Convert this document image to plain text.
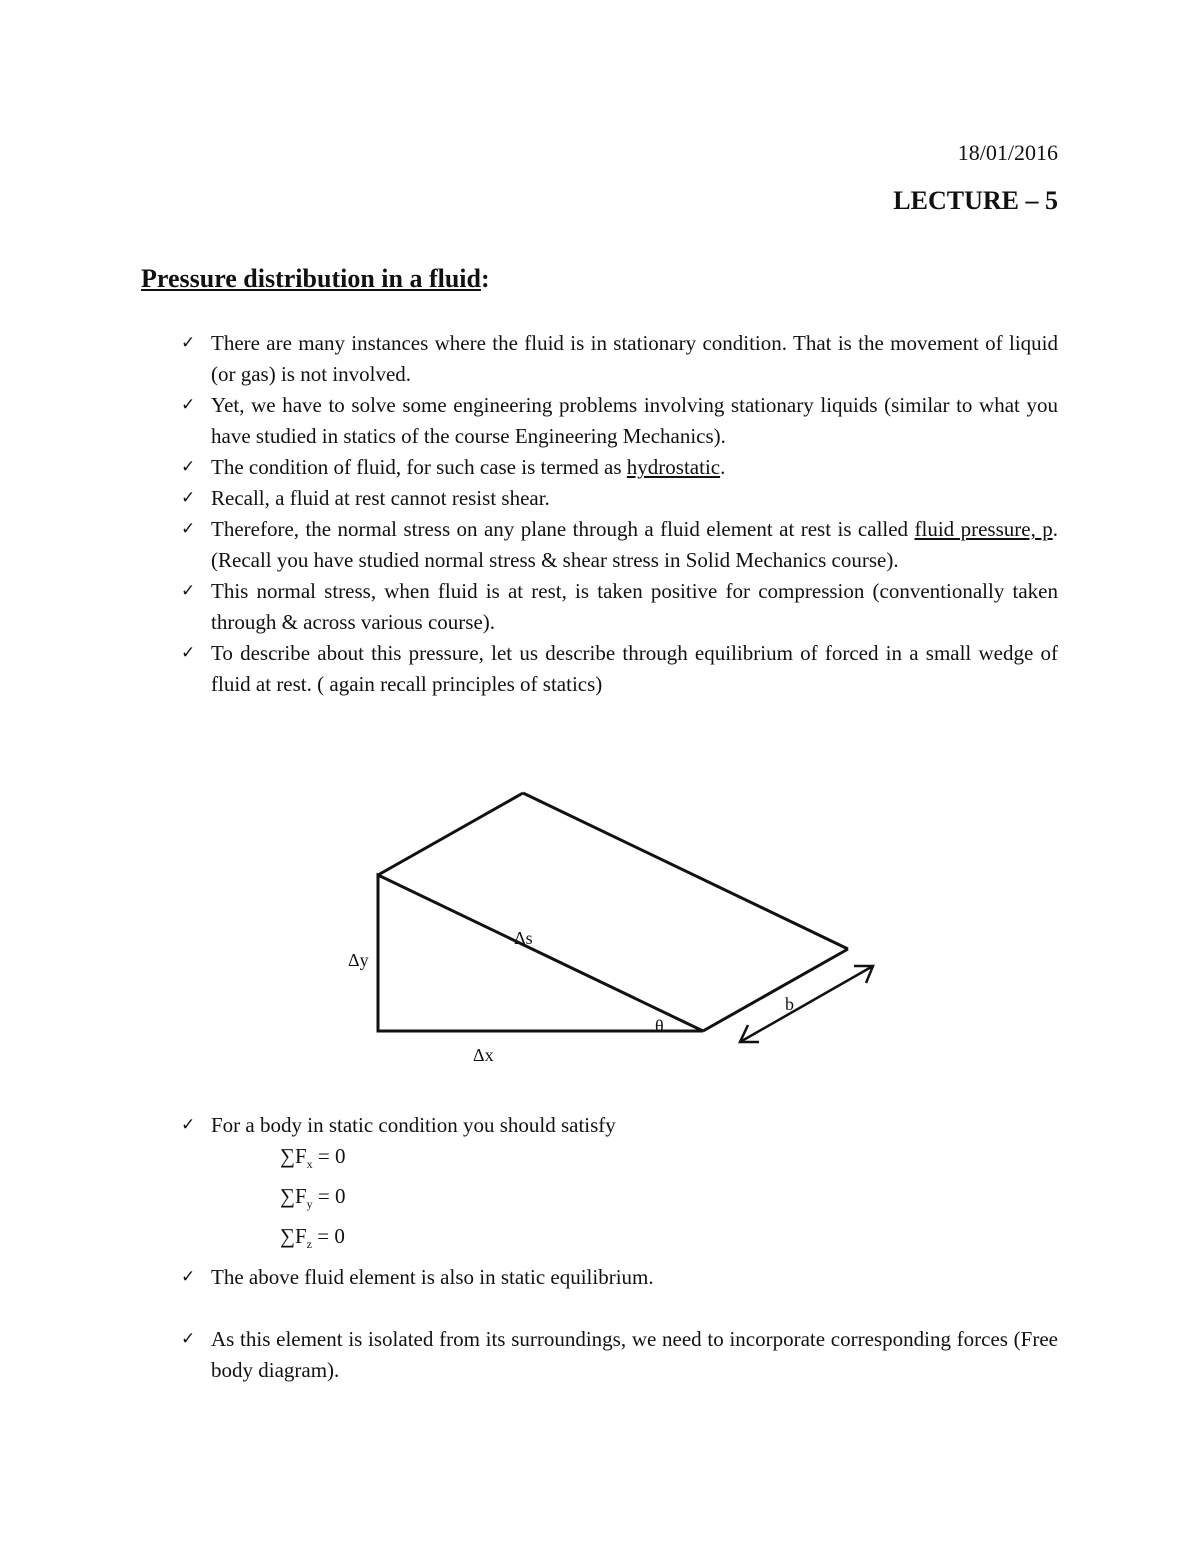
18/01/2016
LECTURE – 5
Pressure distribution in a fluid:
✓ There are many instances where the fluid is in stationary condition. That is the movement of liquid (or gas) is not involved.
✓ Yet, we have to solve some engineering problems involving stationary liquids (similar to what you have studied in statics of the course Engineering Mechanics).
✓ The condition of fluid, for such case is termed as hydrostatic.
✓ Recall, a fluid at rest cannot resist shear.
✓ Therefore, the normal stress on any plane through a fluid element at rest is called fluid pressure, p. (Recall you have studied normal stress & shear stress in Solid Mechanics course).
✓ This normal stress, when fluid is at rest, is taken positive for compression (conventionally taken through & across various course).
✓ To describe about this pressure, let us describe through equilibrium of forced in a small wedge of fluid at rest. ( again recall principles of statics)
Δy
Δs
θ
b
Δx
✓ For a body in static condition you should satisfy
$\sum F_x = 0$
$\sum F_y = 0$
$\sum F_z = 0$
✓ The above fluid element is also in static equilibrium.
✓ As this element is isolated from its surroundings, we need to incorporate corresponding forces (Free body diagram).
